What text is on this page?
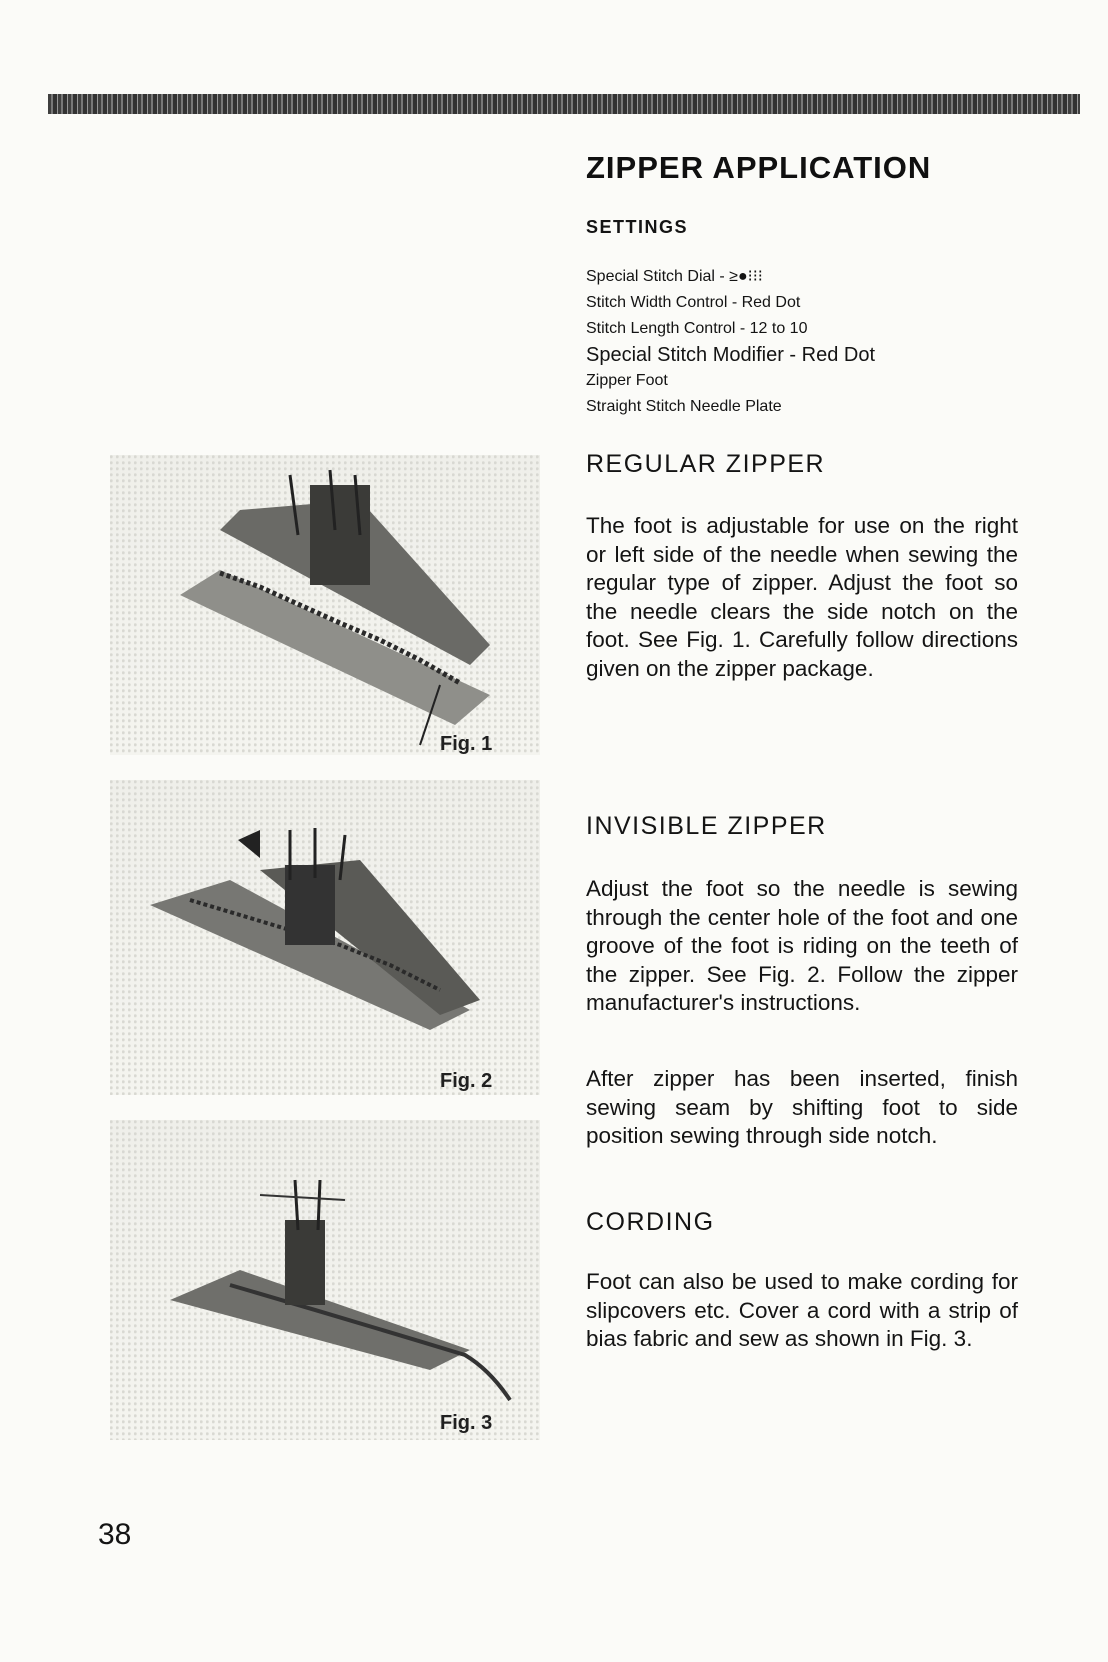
ZIPPER APPLICATION
SETTINGS
Special Stitch Dial - ≥●⁝⁝⁝
Stitch Width Control - Red Dot
Stitch Length Control - 12 to 10
Special Stitch Modifier - Red Dot
Zipper Foot
Straight Stitch Needle Plate
REGULAR ZIPPER

The foot is adjustable for use on the right or left side of the needle when sewing the regular type of zipper. Adjust the foot so the needle clears the side notch on the foot. See Fig. 1. Carefully follow directions given on the zipper package.

INVISIBLE ZIPPER

Adjust the foot so the needle is sewing through the center hole of the foot and one groove of the foot is riding on the teeth of the zipper. See Fig. 2. Follow the zipper manufacturer's instructions.

After zipper has been inserted, finish sewing seam by shifting foot to side position sewing through side notch.

CORDING

Foot can also be used to make cording for slipcovers etc. Cover a cord with a strip of bias fabric and sew as shown in Fig. 3.

Fig. 1
Fig. 2
Fig. 3
38
